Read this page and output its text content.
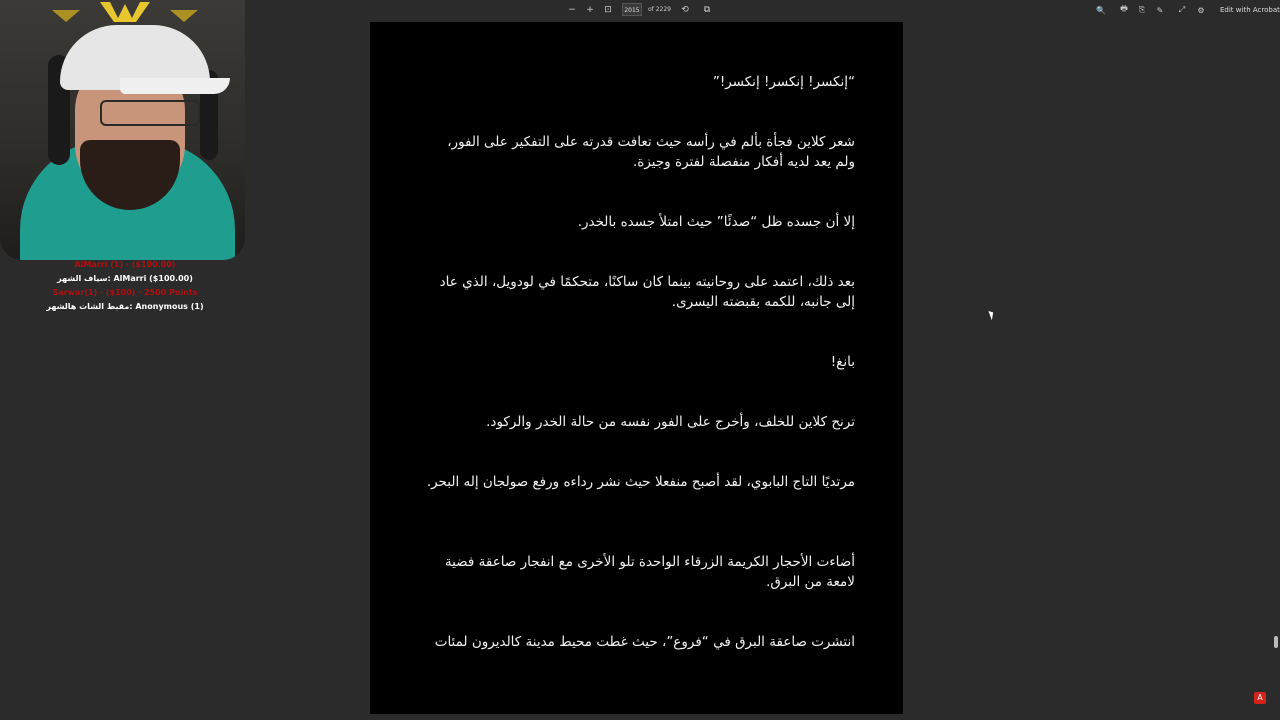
− + ⊡	2015	of 2229 ⟲	⧉	🔍 🖶	⎘	✎	⤢	⚙	Edit with Acrobat
“إنكسر! إنكسر! إنكسر!”
شعر كلاين فجأة بألم في رأسه حيث تعافت قدرته على التفكير على الفور، ولم يعد لديه أفكار منفصلة لفترة وجيزة.
إلا أن جسده ظل “صدئًا” حيث امتلأ جسده بالخدر.
بعد ذلك، اعتمد على روحانيته بينما كان ساكنًا، متحكمًا في لودويل، الذي عاد إلى جانبه، للكمه بقبضته اليسرى.
بانغ!
ترنح كلاين للخلف، وأخرج على الفور نفسه من حالة الخدر والركود.
مرتديًا التاج البابوي، لقد أصبح منفعلا حيث نشر رداءه ورفع صولجان إله البحر.
أضاءت الأحجار الكريمة الزرقاء الواحدة تلو الأخرى مع انفجار صاعقة فضية لامعة من البرق.
انتشرت صاعقة البرق في “فروع”، حيث غطت محيط مدينة كالديرون لمئات
AlMarri (1) · ($100.00)
سياف الشهر: AlMarri ($100.00)
Sarwar(1) · ($100) · 2500 Points
مقبط الشات هالشهر: Anonymous (1)
A
